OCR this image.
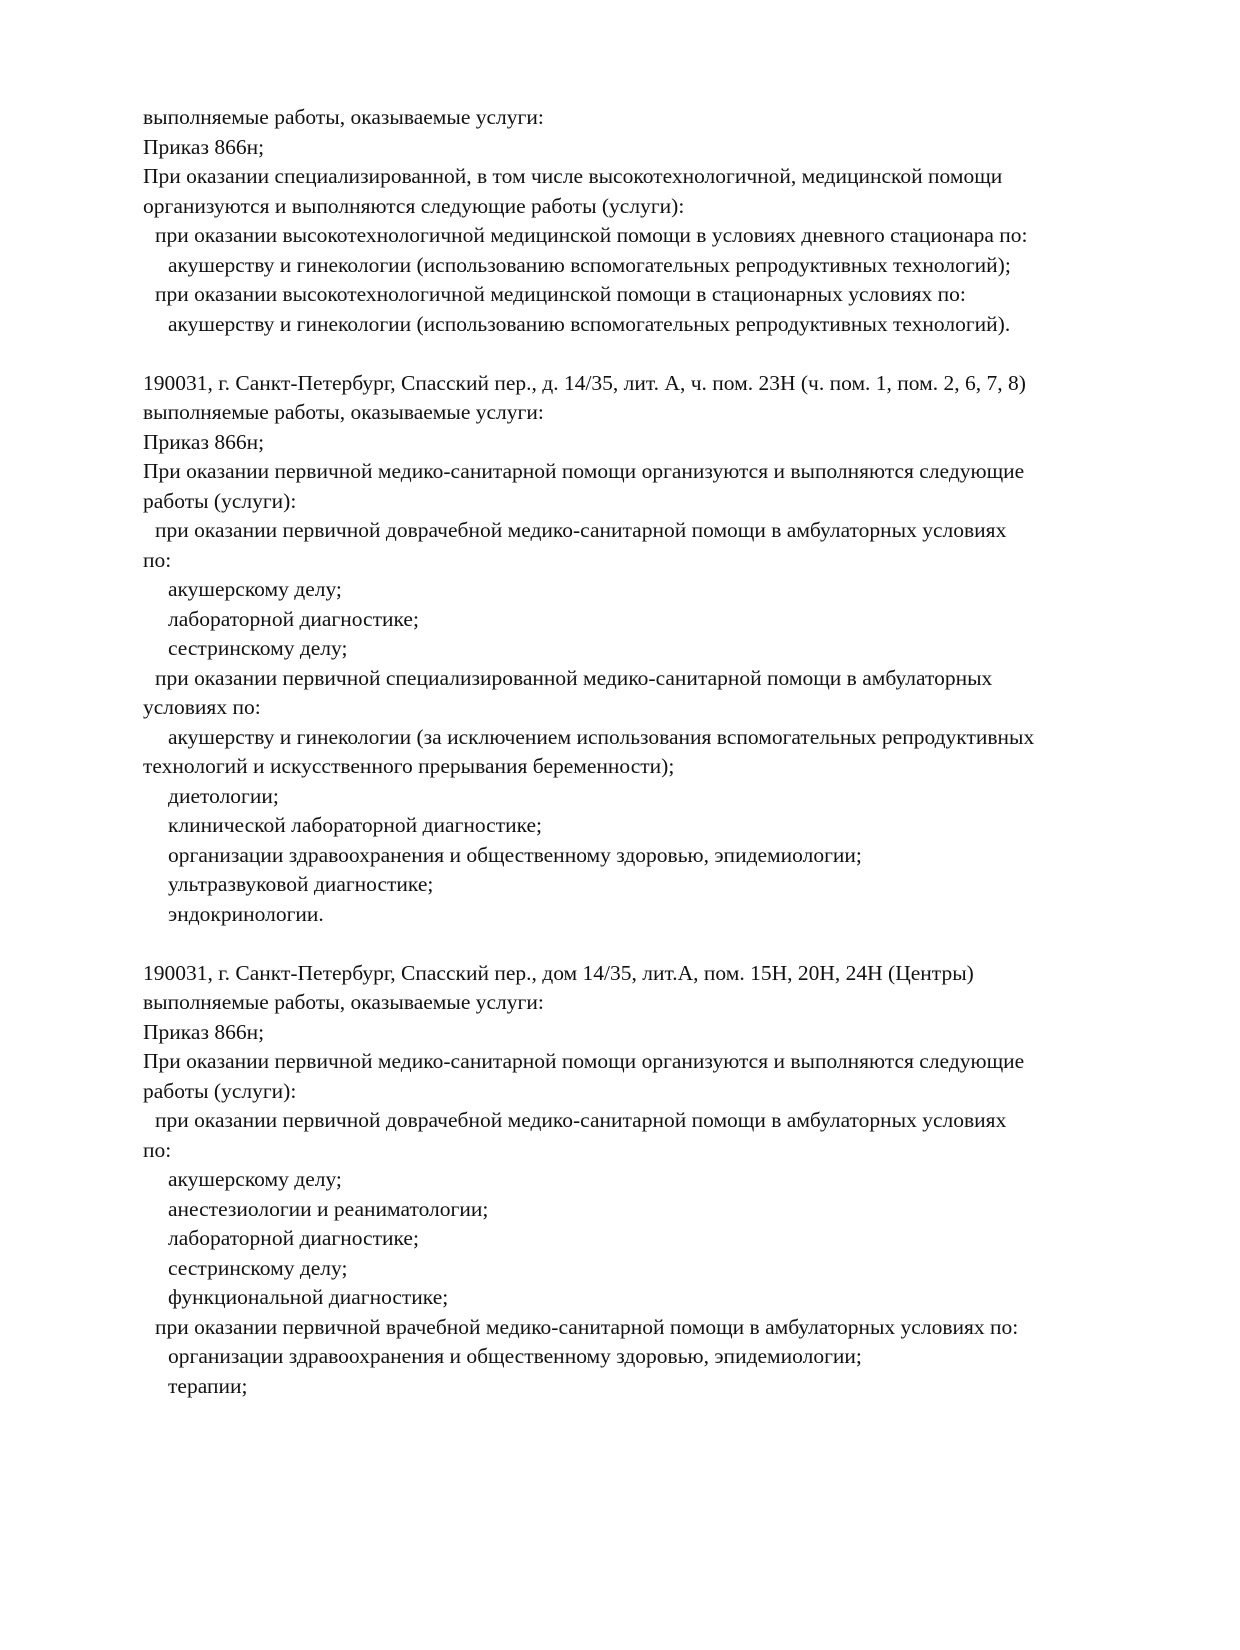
выполняемые работы, оказываемые услуги:
Приказ 866н;
При оказании специализированной, в том числе высокотехнологичной, медицинской помощи
организуются и выполняются следующие работы (услуги):
при оказании высокотехнологичной медицинской помощи в условиях дневного стационара по:
акушерству и гинекологии (использованию вспомогательных репродуктивных технологий);
при оказании высокотехнологичной медицинской помощи в стационарных условиях по:
акушерству и гинекологии (использованию вспомогательных репродуктивных технологий).
190031, г. Санкт-Петербург, Спасский пер., д. 14/35, лит. А, ч. пом. 23Н (ч. пом. 1, пом. 2, 6, 7, 8)
выполняемые работы, оказываемые услуги:
Приказ 866н;
При оказании первичной медико-санитарной помощи организуются и выполняются следующие
работы (услуги):
при оказании первичной доврачебной медико-санитарной помощи в амбулаторных условиях
по:
акушерскому делу;
лабораторной диагностике;
сестринскому делу;
при оказании первичной специализированной медико-санитарной помощи в амбулаторных
условиях по:
акушерству и гинекологии (за исключением использования вспомогательных репродуктивных
технологий и искусственного прерывания беременности);
диетологии;
клинической лабораторной диагностике;
организации здравоохранения и общественному здоровью, эпидемиологии;
ультразвуковой диагностике;
эндокринологии.
190031, г. Санкт-Петербург, Спасский пер., дом 14/35, лит.А, пом. 15Н, 20Н, 24Н (Центры)
выполняемые работы, оказываемые услуги:
Приказ 866н;
При оказании первичной медико-санитарной помощи организуются и выполняются следующие
работы (услуги):
при оказании первичной доврачебной медико-санитарной помощи в амбулаторных условиях
по:
акушерскому делу;
анестезиологии и реаниматологии;
лабораторной диагностике;
сестринскому делу;
функциональной диагностике;
при оказании первичной врачебной медико-санитарной помощи в амбулаторных условиях по:
организации здравоохранения и общественному здоровью, эпидемиологии;
терапии;
